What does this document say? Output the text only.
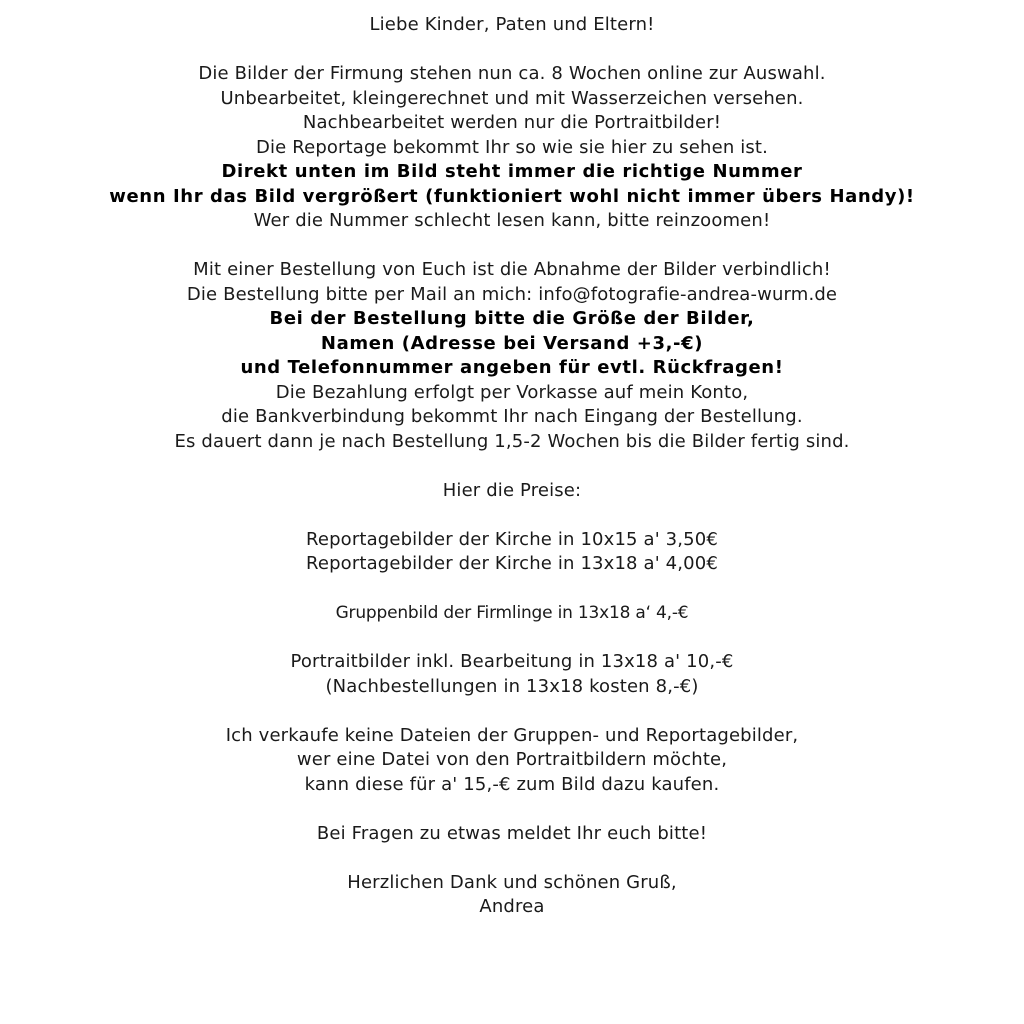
Liebe Kinder, Paten und Eltern!
Die Bilder der Firmung stehen nun ca. 8 Wochen online zur Auswahl.
Unbearbeitet, kleingerechnet und mit Wasserzeichen versehen.
Nachbearbeitet werden nur die Portraitbilder!
Die Reportage bekommt Ihr so wie sie hier zu sehen ist.
Direkt unten im Bild steht immer die richtige Nummer
wenn Ihr das Bild vergrößert (funktioniert wohl nicht immer übers Handy)!
Wer die Nummer schlecht lesen kann, bitte reinzoomen!
Mit einer Bestellung von Euch ist die Abnahme der Bilder verbindlich!
Die Bestellung bitte per Mail an mich: info@fotografie-andrea-wurm.de
Bei der Bestellung bitte die Größe der Bilder,
Namen (Adresse bei Versand +3,-€)
und Telefonnummer angeben für evtl. Rückfragen!
Die Bezahlung erfolgt per Vorkasse auf mein Konto,
die Bankverbindung bekommt Ihr nach Eingang der Bestellung.
Es dauert dann je nach Bestellung 1,5-2 Wochen bis die Bilder fertig sind.
Hier die Preise:
Reportagebilder der Kirche in 10x15 a' 3,50€
Reportagebilder der Kirche in 13x18 a' 4,00€
Gruppenbild der Firmlinge in 13x18 a‘ 4,-€
Portraitbilder inkl. Bearbeitung in 13x18 a' 10,-€
(Nachbestellungen in 13x18 kosten 8,-€)
Ich verkaufe keine Dateien der Gruppen- und Reportagebilder,
wer eine Datei von den Portraitbildern möchte,
kann diese für a' 15,-€ zum Bild dazu kaufen.
Bei Fragen zu etwas meldet Ihr euch bitte!
Herzlichen Dank und schönen Gruß,
Andrea
